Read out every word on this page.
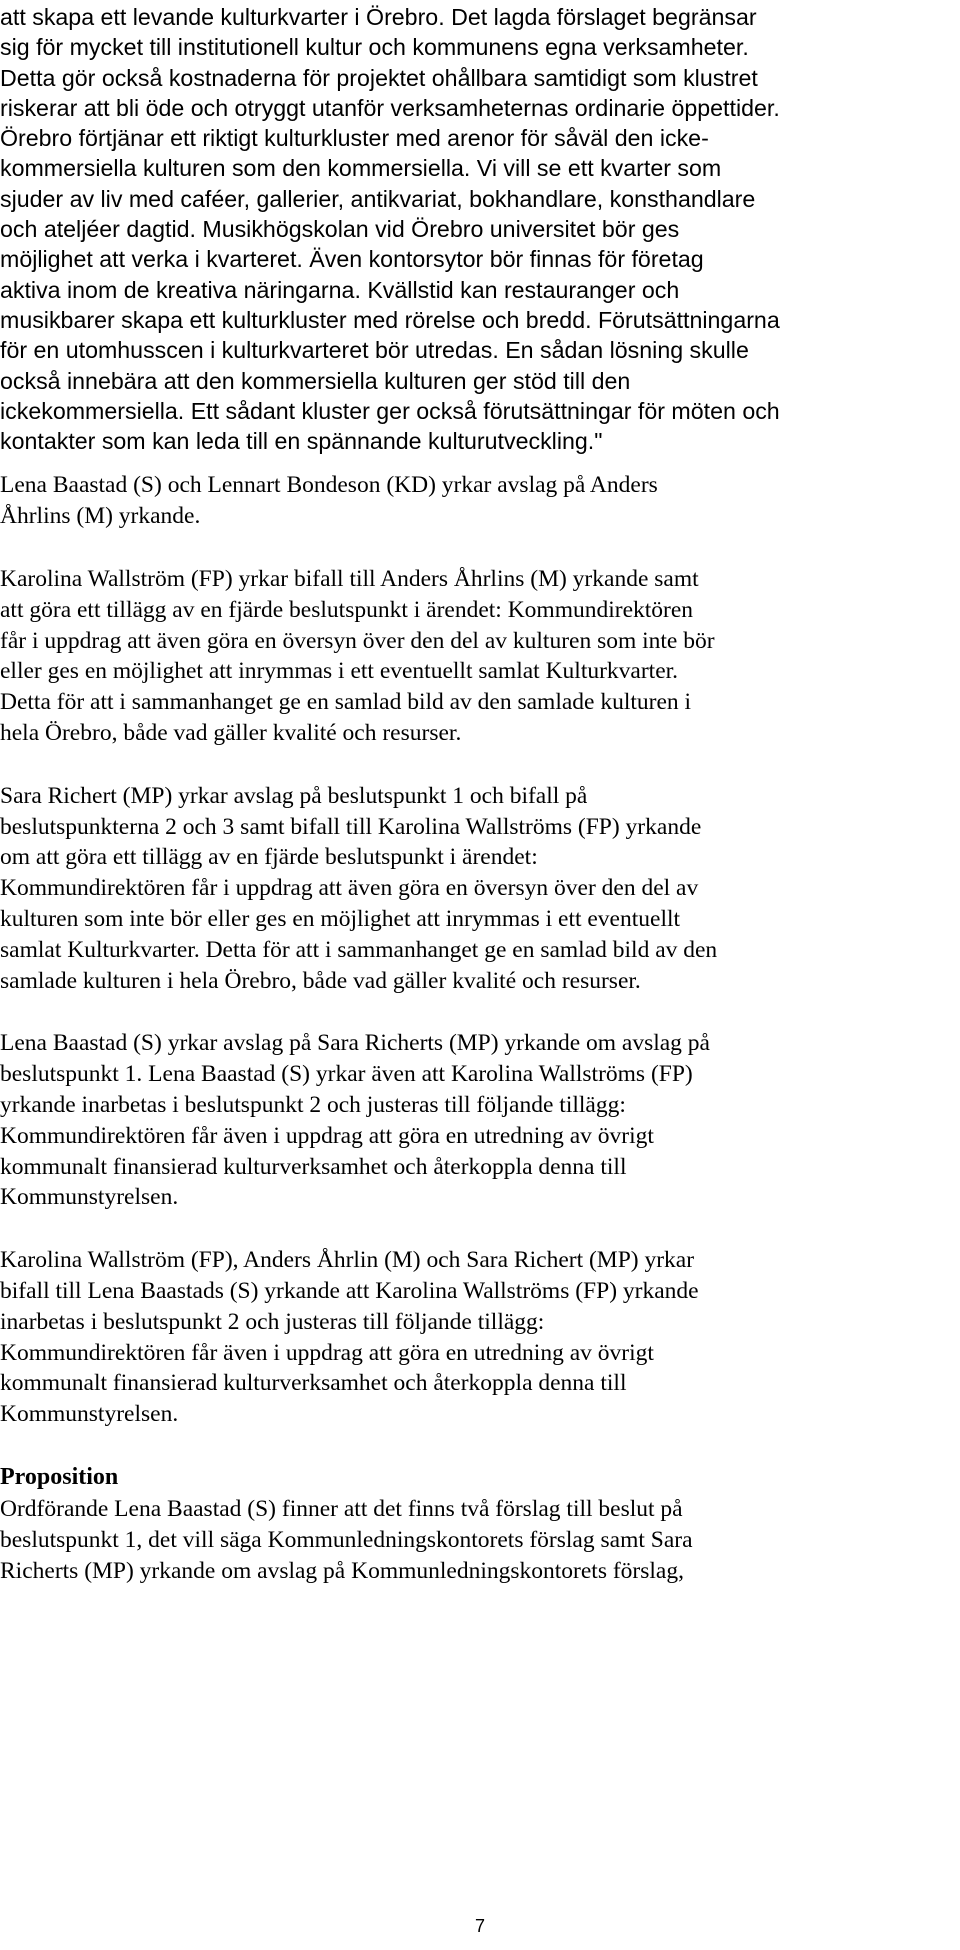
att skapa ett levande kulturkvarter i Örebro. Det lagda förslaget begränsar
sig för mycket till institutionell kultur och kommunens egna verksamheter.
Detta gör också kostnaderna för projektet ohållbara samtidigt som klustret
riskerar att bli öde och otryggt utanför verksamheternas ordinarie öppettider.
Örebro förtjänar ett riktigt kulturkluster med arenor för såväl den icke-
kommersiella kulturen som den kommersiella. Vi vill se ett kvarter som
sjuder av liv med caféer, gallerier, antikvariat, bokhandlare, konsthandlare
och ateljéer dagtid. Musikhögskolan vid Örebro universitet bör ges
möjlighet att verka i kvarteret. Även kontorsytor bör finnas för företag
aktiva inom de kreativa näringarna. Kvällstid kan restauranger och
musikbarer skapa ett kulturkluster med rörelse och bredd. Förutsättningarna
för en utomhusscen i kulturkvarteret bör utredas. En sådan lösning skulle
också innebära att den kommersiella kulturen ger stöd till den
ickekommersiella. Ett sådant kluster ger också förutsättningar för möten och
kontakter som kan leda till en spännande kulturutveckling."

Lena Baastad (S) och Lennart Bondeson (KD) yrkar avslag på Anders
Åhrlins (M) yrkande.

Karolina Wallström (FP) yrkar bifall till Anders Åhrlins (M) yrkande samt
att göra ett tillägg av en fjärde beslutspunkt i ärendet: Kommundirektören
får i uppdrag att även göra en översyn över den del av kulturen som inte bör
eller ges en möjlighet att inrymmas i ett eventuellt samlat Kulturkvarter.
Detta för att i sammanhanget ge en samlad bild av den samlade kulturen i
hela Örebro, både vad gäller kvalité och resurser.

Sara Richert (MP) yrkar avslag på beslutspunkt 1 och bifall på
beslutspunkterna 2 och 3 samt bifall till Karolina Wallströms (FP) yrkande
om att göra ett tillägg av en fjärde beslutspunkt i ärendet:
Kommundirektören får i uppdrag att även göra en översyn över den del av
kulturen som inte bör eller ges en möjlighet att inrymmas i ett eventuellt
samlat Kulturkvarter. Detta för att i sammanhanget ge en samlad bild av den
samlade kulturen i hela Örebro, både vad gäller kvalité och resurser.

Lena Baastad (S) yrkar avslag på Sara Richerts (MP) yrkande om avslag på
beslutspunkt 1. Lena Baastad (S) yrkar även att Karolina Wallströms (FP)
yrkande inarbetas i beslutspunkt 2 och justeras till följande tillägg:
Kommundirektören får även i uppdrag att göra en utredning av övrigt
kommunalt finansierad kulturverksamhet och återkoppla denna till
Kommunstyrelsen.

Karolina Wallström (FP), Anders Åhrlin (M) och Sara Richert (MP) yrkar
bifall till Lena Baastads (S) yrkande att Karolina Wallströms (FP) yrkande
inarbetas i beslutspunkt 2 och justeras till följande tillägg:
Kommundirektören får även i uppdrag att göra en utredning av övrigt
kommunalt finansierad kulturverksamhet och återkoppla denna till
Kommunstyrelsen.

Proposition

Ordförande Lena Baastad (S) finner att det finns två förslag till beslut på
beslutspunkt 1, det vill säga Kommunledningskontorets förslag samt Sara
Richerts (MP) yrkande om avslag på Kommunledningskontorets förslag,

7
